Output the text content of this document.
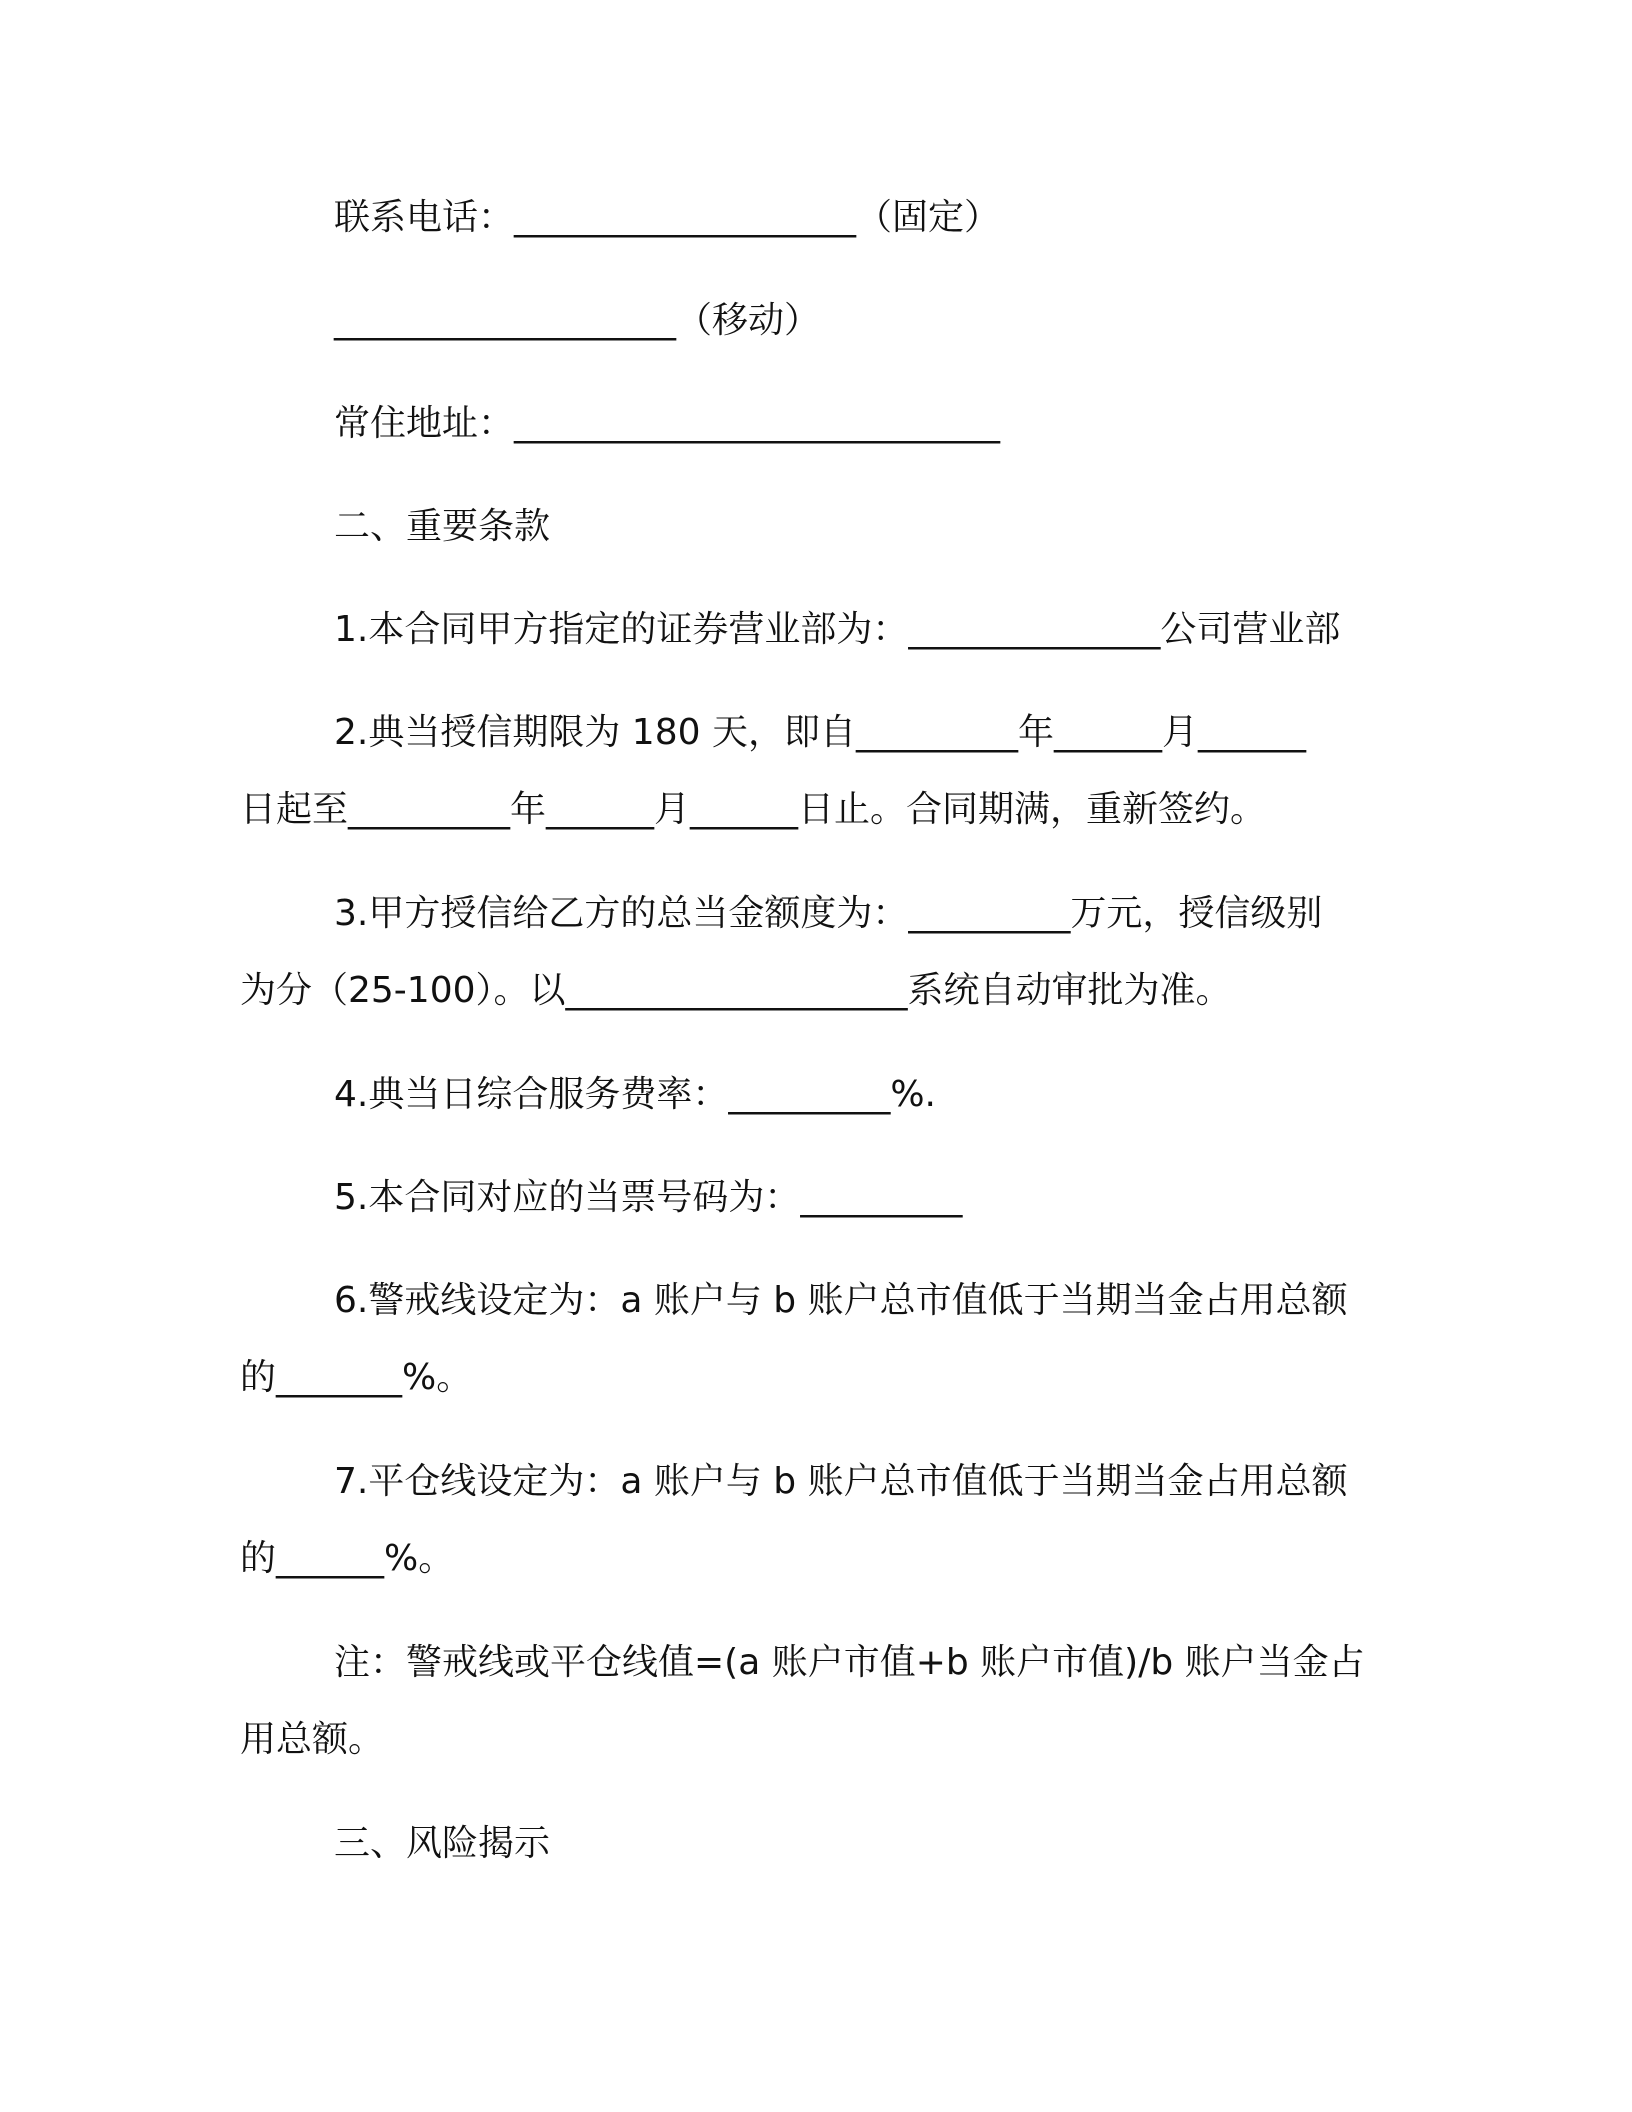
联系电话：___________________（固定）
___________________（移动）
常住地址：___________________________
二、重要条款
1.本合同甲方指定的证券营业部为：______________公司营业部
2.典当授信期限为 180 天，即自_________年______月______
日起至_________年______月______日止。合同期满，重新签约。
3.甲方授信给乙方的总当金额度为：_________万元，授信级别
为分（25-100）。以___________________系统自动审批为准。
4.典当日综合服务费率：_________%.
5.本合同对应的当票号码为：_________
6.警戒线设定为：a 账户与 b 账户总市值低于当期当金占用总额
的_______%。
7.平仓线设定为：a 账户与 b 账户总市值低于当期当金占用总额
的______%。
注：警戒线或平仓线值=(a 账户市值+b 账户市值)/b 账户当金占
用总额。
三、风险揭示
